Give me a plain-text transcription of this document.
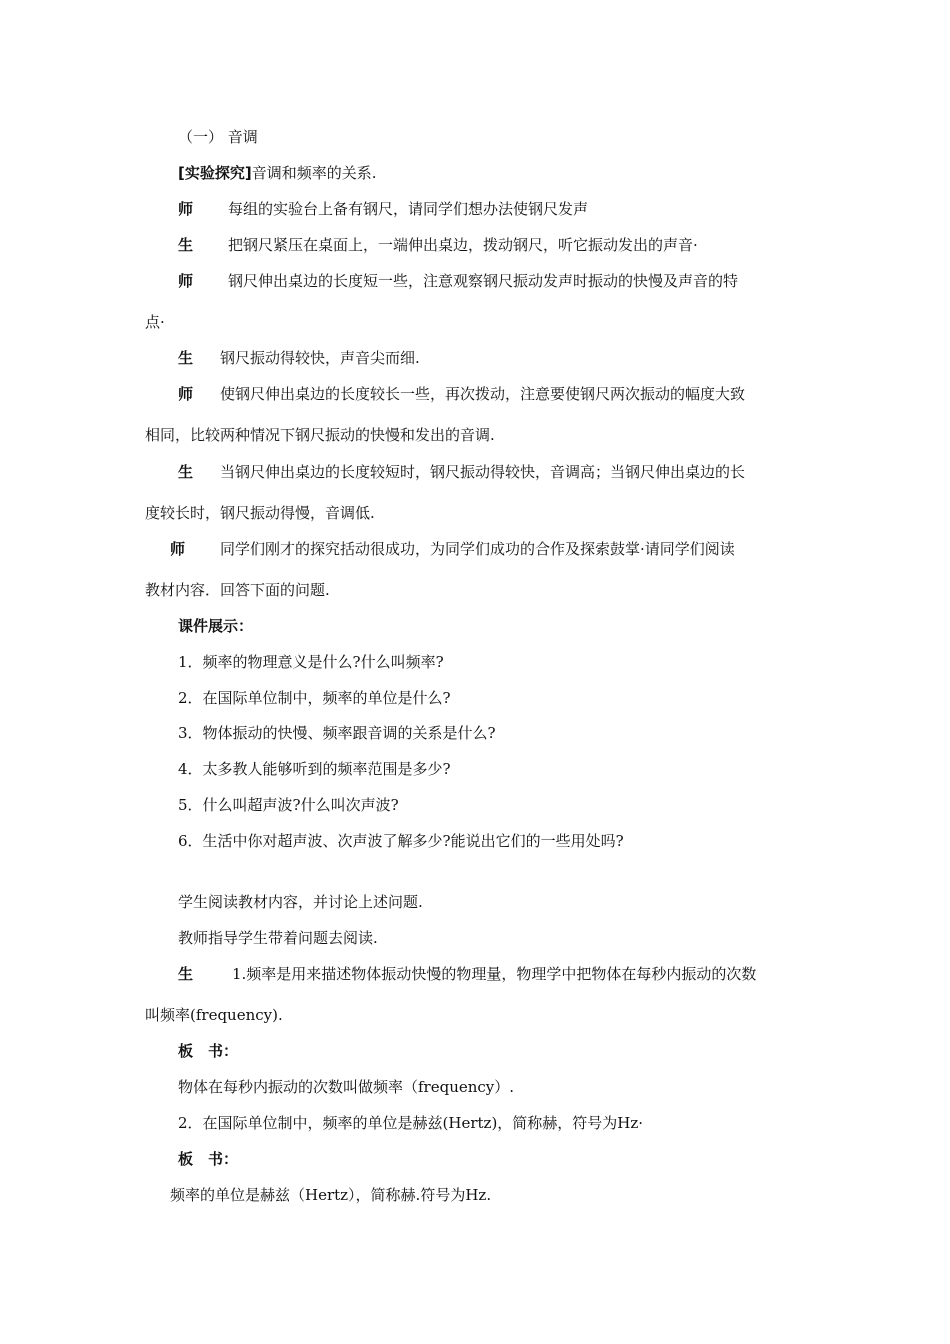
（一） 音调
[实验探究]音调和频率的关系.
师 每组的实验台上备有钢尺，请同学们想办法使钢尺发声
生 把钢尺紧压在桌面上，一端伸出桌边，拨动钢尺，听它振动发出的声音·
师 钢尺伸出桌边的长度短一些，注意观察钢尺振动发声时振动的快慢及声音的特
点·
生 钢尺振动得较快，声音尖而细.
师 使钢尺伸出桌边的长度较长一些，再次拨动，注意要使钢尺两次振动的幅度大致
相同，比较两种情况下钢尺振动的快慢和发出的音调.
生 当钢尺伸出桌边的长度较短时，钢尺振动得较快，音调高；当钢尺伸出桌边的长
度较长时，钢尺振动得慢，音调低.
师 同学们刚才的探究括动很成功，为同学们成功的合作及探索鼓掌·请同学们阅读
教材内容．回答下面的问题.
课件展示：
1．频率的物理意义是什么?什么叫频率?
2．在国际单位制中，频率的单位是什么?
3．物体振动的快慢、频率跟音调的关系是什么?
4．太多教人能够听到的频率范围是多少?
5．什么叫超声波?什么叫次声波?
6．生活中你对超声波、次声波了解多少?能说出它们的一些用处吗?
学生阅读教材内容，并讨论上述问题.
教师指导学生带着问题去阅读.
生	1.频率是用来描述物体振动快慢的物理量，物理学中把物体在每秒内振动的次数
叫频率(frequency).
板　书：
物体在每秒内振动的次数叫做频率（frequency）.
2．在国际单位制中，频率的单位是赫兹(Hertz)，简称赫，符号为Hz·
板　书：
频率的单位是赫兹（Hertz），简称赫.符号为Hz.
